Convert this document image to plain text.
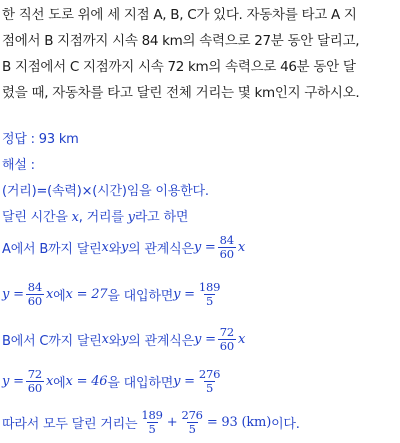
한 직선 도로 위에 세 지점 A, B, C가 있다. 자동차를 타고 A 지
점에서 B 지점까지 시속 84 km의 속력으로 27분 동안 달리고,
B 지점에서 C 지점까지 시속 72 km의 속력으로 46분 동안 달
렸을 때, 자동차를 타고 달린 전체 거리는 몇 km인지 구하시오.
정답 : 93 km
해설 :
(거리)=(속력)×(시간)임을 이용한다.
달린 시간을 x, 거리를 y라고 하면
A에서 B까지 달린 x 와 y 의 관계식은 $y = \frac{84}{60}$ x
$y = \frac{84}{60}$ x 에 x = 27 을 대입하면 $y = \frac{189}{5}$
B에서 C까지 달린 x 와 y 의 관계식은 $y = \frac{72}{60}$ x
$y = \frac{72}{60}$ x 에 x = 46 을 대입하면 $y = \frac{276}{5}$
따라서 모두 달린 거리는 $\frac{189}{5} + \frac{276}{5} = 93$ (km) 이다.
